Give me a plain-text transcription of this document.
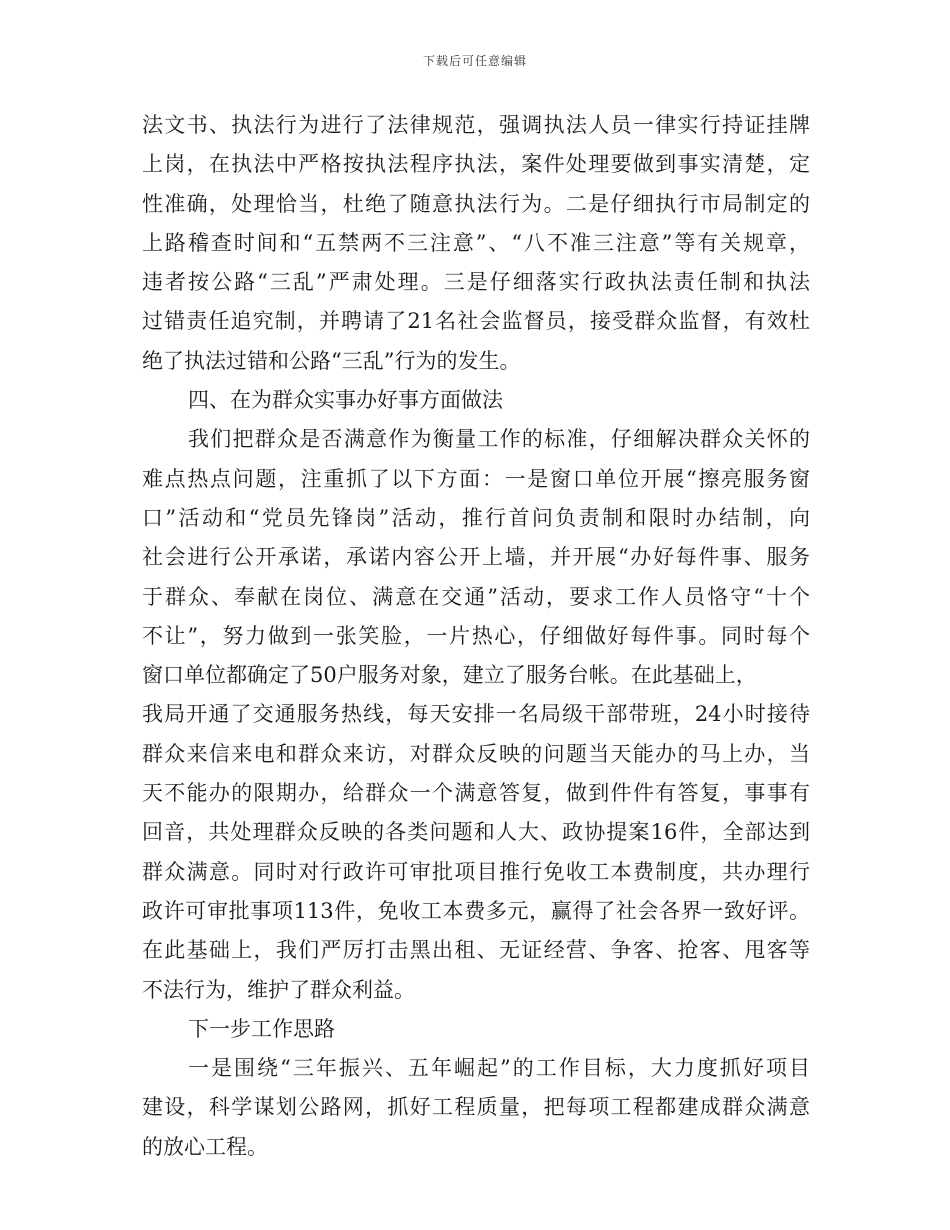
下载后可任意编辑
法文书、执法行为进行了法律规范，强调执法人员一律实行持证挂牌
上岗，在执法中严格按执法程序执法，案件处理要做到事实清楚，定
性准确，处理恰当，杜绝了随意执法行为。二是仔细执行市局制定的
上路稽查时间和“五禁两不三注意”、“八不准三注意”等有关规章，
违者按公路“三乱”严肃处理。三是仔细落实行政执法责任制和执法
过错责任追究制，并聘请了21名社会监督员，接受群众监督，有效杜
绝了执法过错和公路“三乱”行为的发生。
四、在为群众实事办好事方面做法
我们把群众是否满意作为衡量工作的标准，仔细解决群众关怀的
难点热点问题，注重抓了以下方面：一是窗口单位开展“擦亮服务窗
口”活动和“党员先锋岗”活动，推行首问负责制和限时办结制，向
社会进行公开承诺，承诺内容公开上墙，并开展“办好每件事、服务
于群众、奉献在岗位、满意在交通”活动，要求工作人员恪守“十个
不让”，努力做到一张笑脸，一片热心，仔细做好每件事。同时每个
窗口单位都确定了50户服务对象，建立了服务台帐。在此基础上，
我局开通了交通服务热线，每天安排一名局级干部带班，24小时接待
群众来信来电和群众来访，对群众反映的问题当天能办的马上办，当
天不能办的限期办，给群众一个满意答复，做到件件有答复，事事有
回音，共处理群众反映的各类问题和人大、政协提案16件，全部达到
群众满意。同时对行政许可审批项目推行免收工本费制度，共办理行
政许可审批事项113件，免收工本费多元，赢得了社会各界一致好评。
在此基础上，我们严厉打击黑出租、无证经营、争客、抢客、甩客等
不法行为，维护了群众利益。
下一步工作思路
一是围绕“三年振兴、五年崛起”的工作目标，大力度抓好项目
建设，科学谋划公路网，抓好工程质量，把每项工程都建成群众满意
的放心工程。
